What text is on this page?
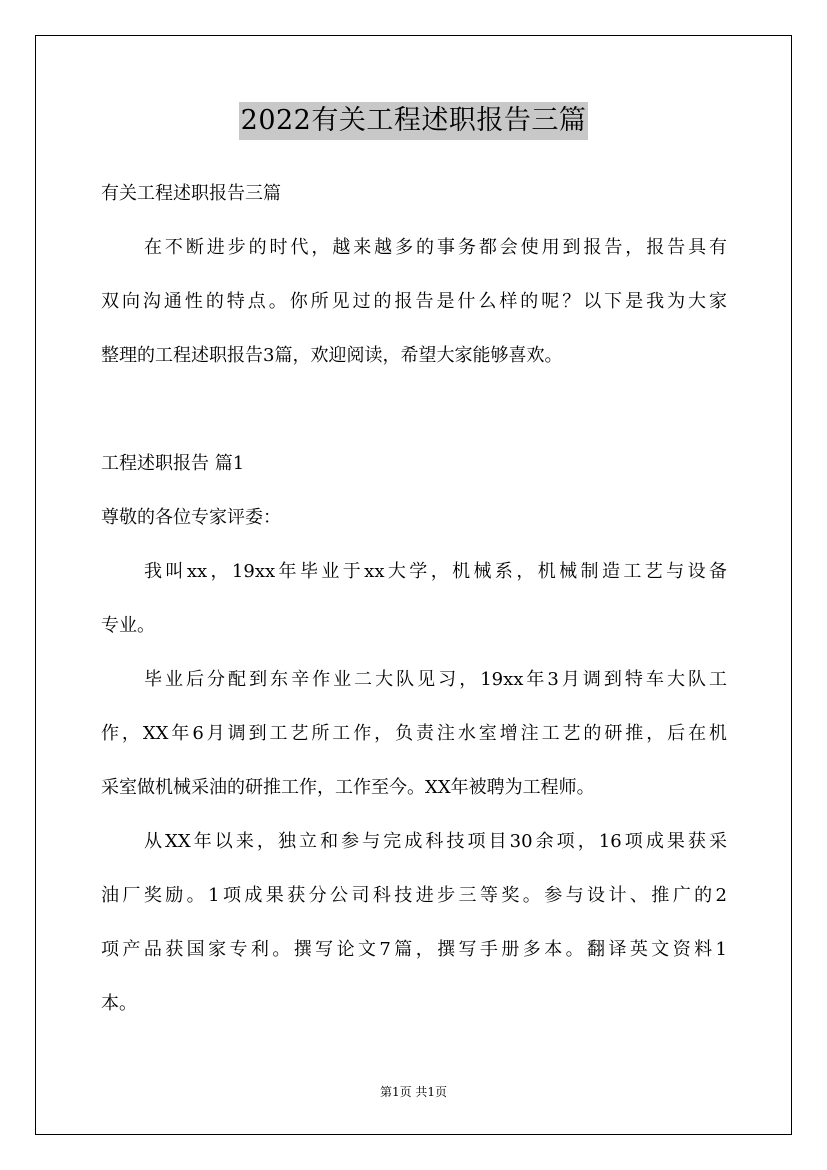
2022有关工程述职报告三篇
有关工程述职报告三篇
在不断进步的时代，越来越多的事务都会使用到报告，报告具有
双向沟通性的特点。你所见过的报告是什么样的呢？以下是我为大家
整理的工程述职报告3篇，欢迎阅读，希望大家能够喜欢。
工程述职报告 篇1
尊敬的各位专家评委：
我叫xx，19xx年毕业于xx大学，机械系，机械制造工艺与设备
专业。
毕业后分配到东辛作业二大队见习，19xx年3月调到特车大队工
作，XX年6月调到工艺所工作，负责注水室增注工艺的研推，后在机
采室做机械采油的研推工作，工作至今。XX年被聘为工程师。
从XX年以来，独立和参与完成科技项目30余项，16项成果获采
油厂奖励。1项成果获分公司科技进步三等奖。参与设计、推广的2
项产品获国家专利。撰写论文7篇，撰写手册多本。翻译英文资料1
本。
第1页 共1页
